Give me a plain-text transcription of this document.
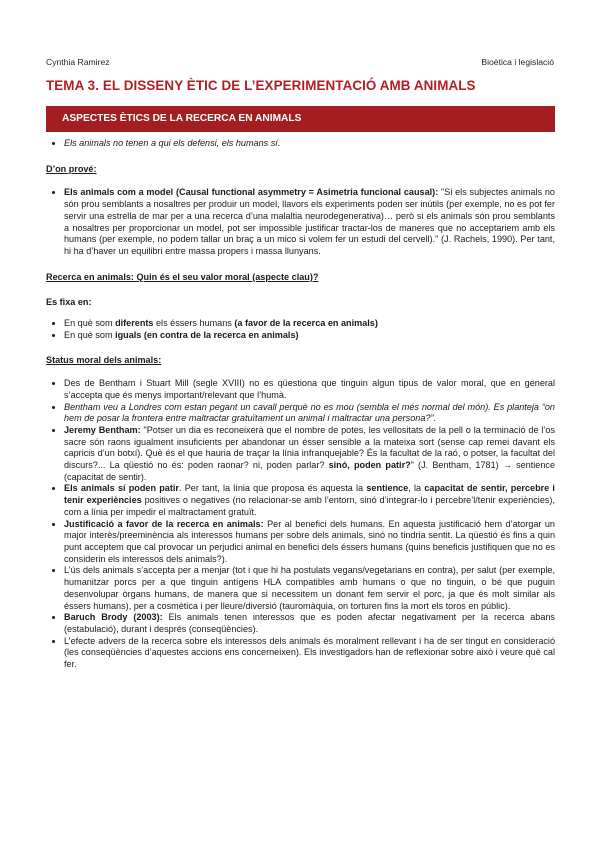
Cynthia Ramirez	Bioètica i legislació
TEMA 3. EL DISSENY ÈTIC DE L’EXPERIMENTACIÓ AMB ANIMALS
ASPECTES ÈTICS DE LA RECERCA EN ANIMALS
• Els animals no tenen a qui els defensi, els humans sí.

D’on prové:

• Els animals com a model (Causal functional asymmetry = Asimetria funcional causal): "Si els subjectes animals no són prou semblants a nosaltres per produir un model, llavors els experiments poden ser inútils (per exemple, no es pot fer servir una estrella de mar per a una recerca d’una malaltia neurodegenerativa)… però si els animals són prou semblants a nosaltres per proporcionar un model, pot ser impossible justificar tractar-los de maneres que no acceptariem amb els humans (per exemple, no podem tallar un braç a un mico si volem fer un estudi del cervell)." (J. Rachels, 1990). Per tant, hi ha d’haver un equilibri entre massa propers i massa llunyans.

Recerca en animals: Quin és el seu valor moral (aspecte clau)?

Es fixa en:

• En què som diferents els éssers humans (a favor de la recerca en animals)
• En què som iguals (en contra de la recerca en animals)

Status moral dels animals:

• Des de Bentham i Stuart Mill (segle XVIII) no es qüestiona que tinguin algun tipus de valor moral, que en general s’accepta que és menys important/relevant que l’humà.
• Bentham veu a Londres com estan pegant un cavall perquè no es mou (sembla el més normal del món). Es planteja “on hem de posar la frontera entre maltractar gratuïtament un animal i maltractar una persona?”.
• Jeremy Bentham: "Potser un dia es reconeixerà que el nombre de potes, les vellositats de la pell o la terminació de l’os sacre són raons igualment insuficients per abandonar un ésser sensible a la mateixa sort (sense cap remei davant els capricis d’un botxí). Què és el que hauria de traçar la línia infranquejable? És la facultat de la raó, o potser, la facultat del discurs?... La qüestió no és: poden raonar? ni, poden parlar? sinó, poden patir?" (J. Bentham, 1781) → sentience (capacitat de sentir).
• Els animals sí poden patir. Per tant, la línia que proposa és aquesta la sentience, la capacitat de sentir, percebre i tenir experiències positives o negatives (no relacionar-se amb l’entorn, sinó d’integrar-lo i percebre’l/tenir experiències), com a línia per impedir el maltractament gratuït.
• Justificació a favor de la recerca en animals: Per al benefici dels humans. En aquesta justificació hem d’atorgar un major interès/preeminència als interessos humans per sobre dels animals, sinó no tindria sentit. La qüestió és fins a quin punt acceptem que cal provocar un perjudici animal en benefici dels éssers humans (quins beneficis justifiquen que no es considerin els interessos dels animals?).
• L’ús dels animals s’accepta per a menjar (tot i que hi ha postulats vegans/vegetarians en contra), per salut (per exemple, humanitzar porcs per a que tinguin antígens HLA compatibles amb humans o que no tinguin, o bé que puguin desenvolupar òrgans humans, de manera que si necessitem un donant fem servir el porc, ja que és molt similar als éssers humans), per a cosmètica i per lleure/diversió (tauromàquia, on torturen fins la mort els toros en públic).
• Baruch Brody (2003): Els animals tenen interessos que es poden afectar negativament per la recerca abans (estabulació), durant i després (conseqüències).
• L’efecte advers de la recerca sobre els interessos dels animals és moralment rellevant i ha de ser tingut en consideració (les conseqüències d’aquestes accions ens concerneixen). Els investigadors han de reflexionar sobre això i veure què cal fer.
